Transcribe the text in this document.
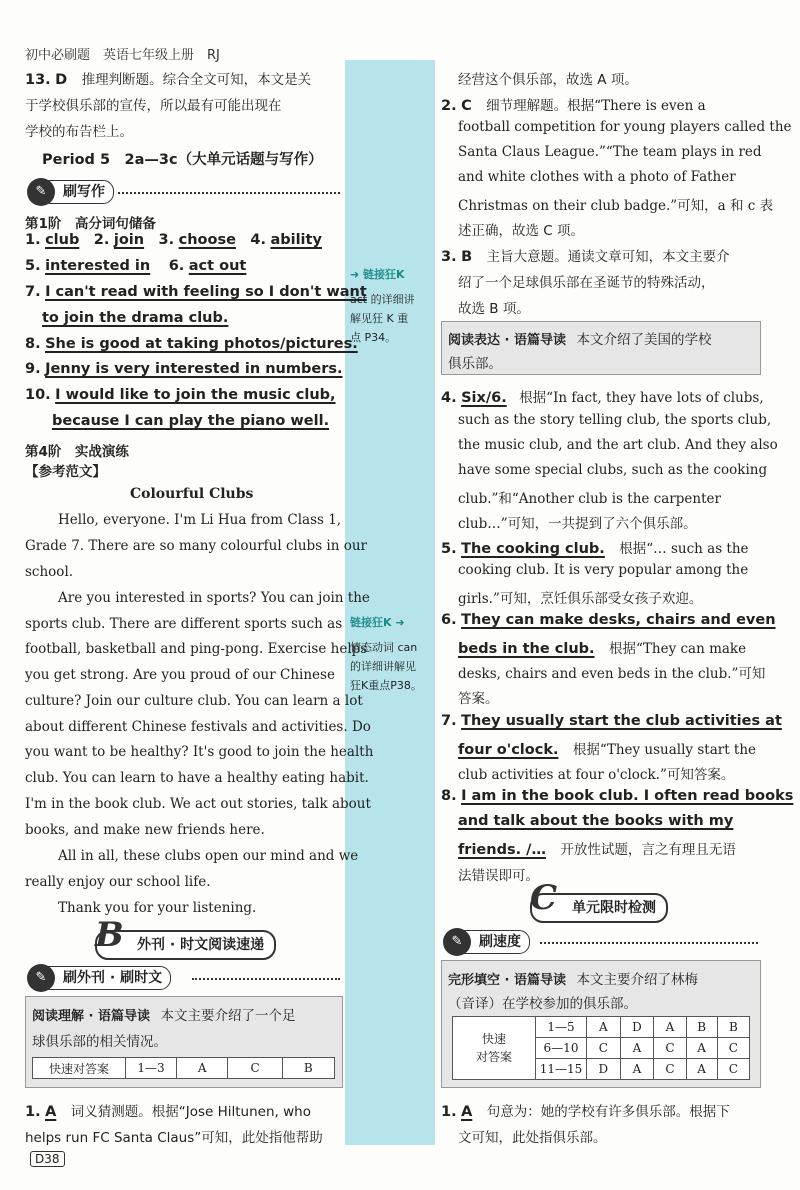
初中必刷题　英语七年级上册　RJ
13. D 推理判断题。综合全文可知，本文是关
于学校俱乐部的宣传，所以最有可能出现在
学校的布告栏上。
Period 5　2a—3c（大单元话题与写作）
✎	刷写作
第1阶　高分词句储备
1. club 2. join 3. choose 4. ability
5. interested in 6. act out
7. I can't read with feeling so I don't want
to join the drama club.
8. She is good at taking photos/pictures.
9. Jenny is very interested in numbers.
10. I would like to join the music club,
because I can play the piano well.
第4阶　实战演练
【参考范文】
Colourful Clubs
Hello, everyone. I'm Li Hua from Class 1,
Grade 7. There are so many colourful clubs in our
school.
Are you interested in sports? You can join the
sports club. There are different sports such as
football, basketball and ping-pong. Exercise helps
you get strong. Are you proud of our Chinese
culture? Join our culture club. You can learn a lot
about different Chinese festivals and activities. Do
you want to be healthy? It's good to join the health
club. You can learn to have a healthy eating habit.
I'm in the book club. We act out stories, talk about
books, and make new friends here.
All in all, these clubs open our mind and we
really enjoy our school life.
Thank you for your listening.
B 外刊 · 时文阅读速递
✎	刷外刊 · 刷时文
阅读理解 · 语篇导读 本文主要介绍了一个足
球俱乐部的相关情况。
快速对答案	1—3	A	C	B
1. A 词义猜测题。根据“Jose Hiltunen, who
helps run FC Santa Claus”可知，此处指他帮助
D38
➜ 链接狂K
act 的详细讲
解见狂 K 重
点 P34。
链接狂K ➜
情态动词 can
的详细讲解见
狂K重点P38。
经营这个俱乐部，故选 A 项。
2. C 细节理解题。根据“There is even a
football competition for young players called the
Santa Claus League.”“The team plays in red
and white clothes with a photo of Father
Christmas on their club badge.”可知，a 和 c 表
述正确，故选 C 项。
3. B 主旨大意题。通读文章可知，本文主要介
绍了一个足球俱乐部在圣诞节的特殊活动，
故选 B 项。
阅读表达 · 语篇导读 本文介绍了美国的学校
俱乐部。
4. Six/6. 根据“In fact, they have lots of clubs,
such as the story telling club, the sports club,
the music club, and the art club. And they also
have some special clubs, such as the cooking
club.”和“Another club is the carpenter
club…”可知，一共提到了六个俱乐部。
5. The cooking club. 根据“… such as the
cooking club. It is very popular among the
girls.”可知，烹饪俱乐部受女孩子欢迎。
6. They can make desks, chairs and even
beds in the club. 根据“They can make
desks, chairs and even beds in the club.”可知
答案。
7. They usually start the club activities at
four o'clock. 根据“They usually start the
club activities at four o'clock.”可知答案。
8. I am in the book club. I often read books
and talk about the books with my
friends. /… 开放性试题，言之有理且无语
法错误即可。
C 单元限时检测
✎	刷速度
完形填空 · 语篇导读 本文主要介绍了林梅
（音译）在学校参加的俱乐部。
快速
对答案	1—5	A	D	A	B	B
	6—10	C	A	C	A	C
	11—15	D	A	C	A	C
1. A 句意为：她的学校有许多俱乐部。根据下
文可知，此处指俱乐部。
